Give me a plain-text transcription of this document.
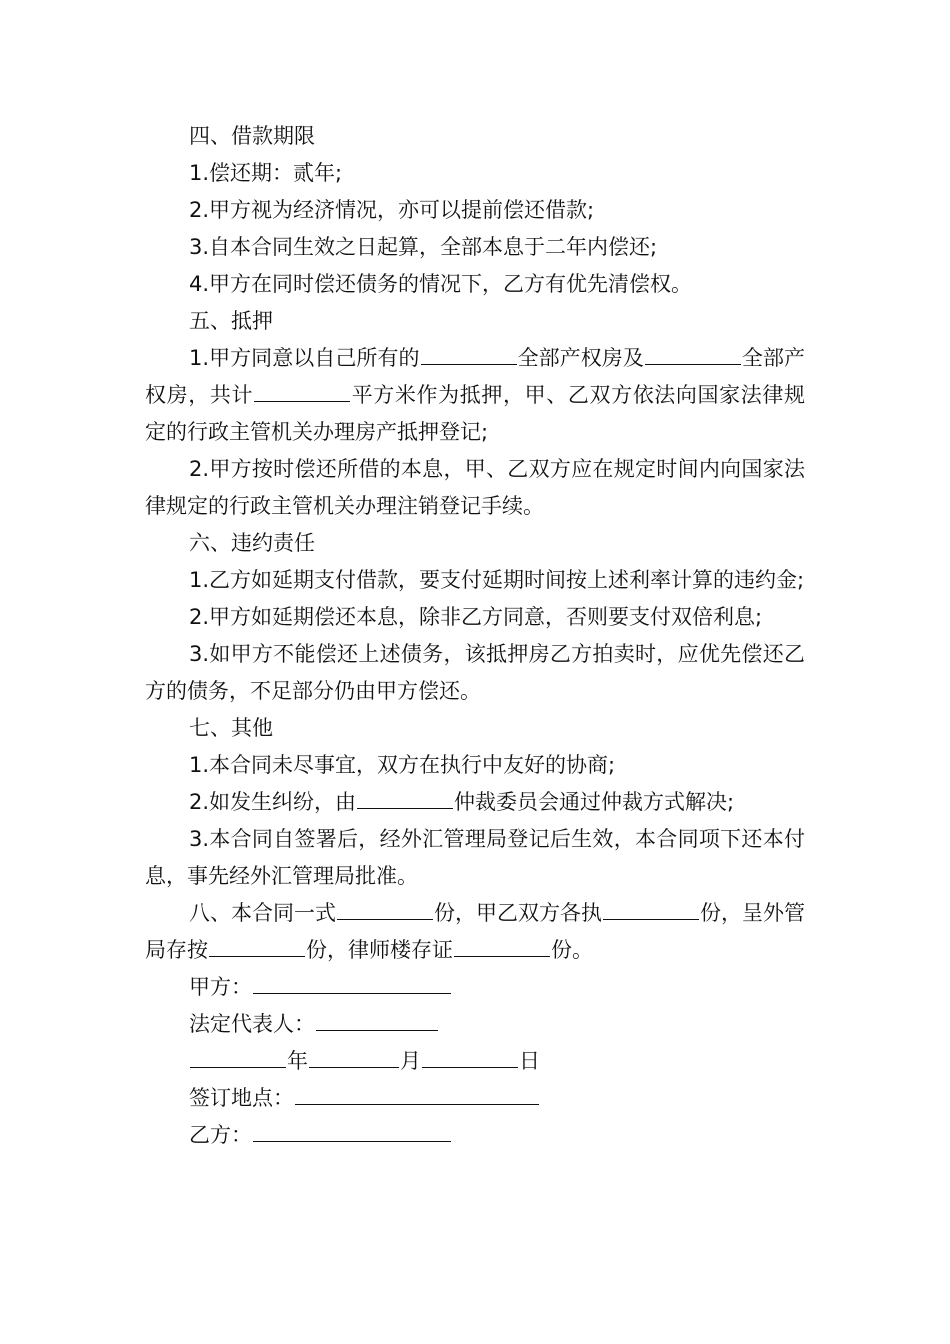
四、借款期限

1.偿还期：贰年;

2.甲方视为经济情况，亦可以提前偿还借款;

3.自本合同生效之日起算，全部本息于二年内偿还;

4.甲方在同时偿还债务的情况下，乙方有优先清偿权。

五、抵押

1.甲方同意以自己所有的	全部产权房及	全部产权房，共计	平方米作为抵押，甲、乙双方依法向国家法律规定的行政主管机关办理房产抵押登记;

2.甲方按时偿还所借的本息，甲、乙双方应在规定时间内向国家法律规定的行政主管机关办理注销登记手续。

六、违约责任

1.乙方如延期支付借款，要支付延期时间按上述利率计算的违约金;

2.甲方如延期偿还本息，除非乙方同意，否则要支付双倍利息;

3.如甲方不能偿还上述债务，该抵押房乙方拍卖时，应优先偿还乙方的债务，不足部分仍由甲方偿还。

七、其他

1.本合同未尽事宜，双方在执行中友好的协商;

2.如发生纠纷，由	仲裁委员会通过仲裁方式解决;

3.本合同自签署后，经外汇管理局登记后生效，本合同项下还本付息，事先经外汇管理局批准。

八、本合同一式	份，甲乙双方各执	份，呈外管局存按	份，律师楼存证	份。

甲方：

法定代表人：

年	月	日

签订地点：

乙方：
